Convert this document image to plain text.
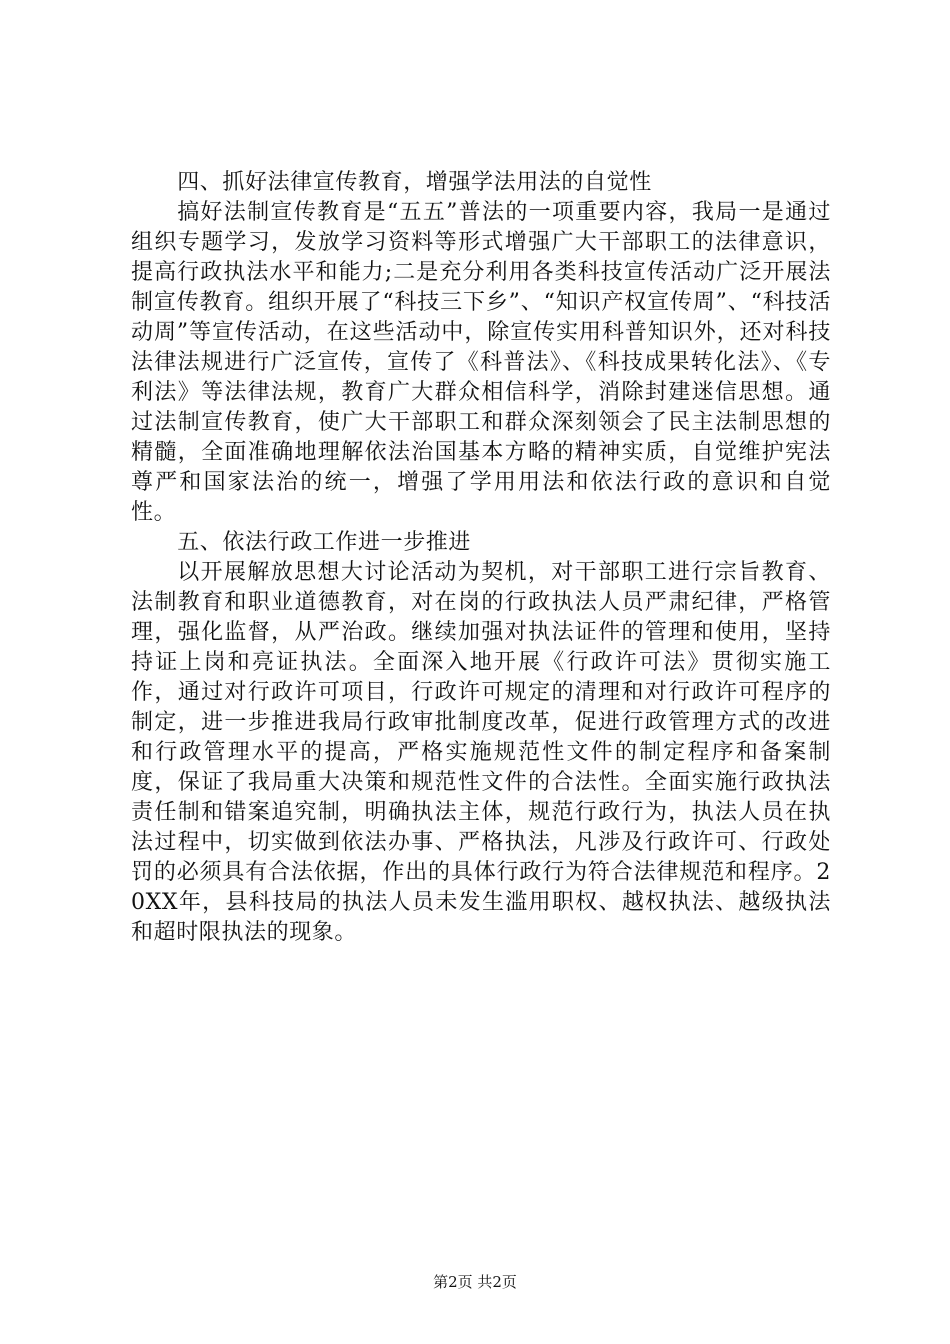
四、抓好法律宣传教育，增强学法用法的自觉性

搞好法制宣传教育是“五五”普法的一项重要内容，我局一是通过组织专题学习，发放学习资料等形式增强广大干部职工的法律意识，提高行政执法水平和能力;二是充分利用各类科技宣传活动广泛开展法制宣传教育。组织开展了“科技三下乡”、“知识产权宣传周”、“科技活动周”等宣传活动，在这些活动中，除宣传实用科普知识外，还对科技法律法规进行广泛宣传，宣传了《科普法》、《科技成果转化法》、《专利法》等法律法规，教育广大群众相信科学，消除封建迷信思想。通过法制宣传教育，使广大干部职工和群众深刻领会了民主法制思想的精髓，全面准确地理解依法治国基本方略的精神实质，自觉维护宪法尊严和国家法治的统一，增强了学用用法和依法行政的意识和自觉性。

五、依法行政工作进一步推进

以开展解放思想大讨论活动为契机，对干部职工进行宗旨教育、法制教育和职业道德教育，对在岗的行政执法人员严肃纪律，严格管理，强化监督，从严治政。继续加强对执法证件的管理和使用，坚持持证上岗和亮证执法。全面深入地开展《行政许可法》贯彻实施工作，通过对行政许可项目，行政许可规定的清理和对行政许可程序的制定，进一步推进我局行政审批制度改革，促进行政管理方式的改进和行政管理水平的提高，严格实施规范性文件的制定程序和备案制度，保证了我局重大决策和规范性文件的合法性。全面实施行政执法责任制和错案追究制，明确执法主体，规范行政行为，执法人员在执法过程中，切实做到依法办事、严格执法，凡涉及行政许可、行政处罚的必须具有合法依据，作出的具体行政行为符合法律规范和程序。20XX年，县科技局的执法人员未发生滥用职权、越权执法、越级执法和超时限执法的现象。

第2页 共2页
